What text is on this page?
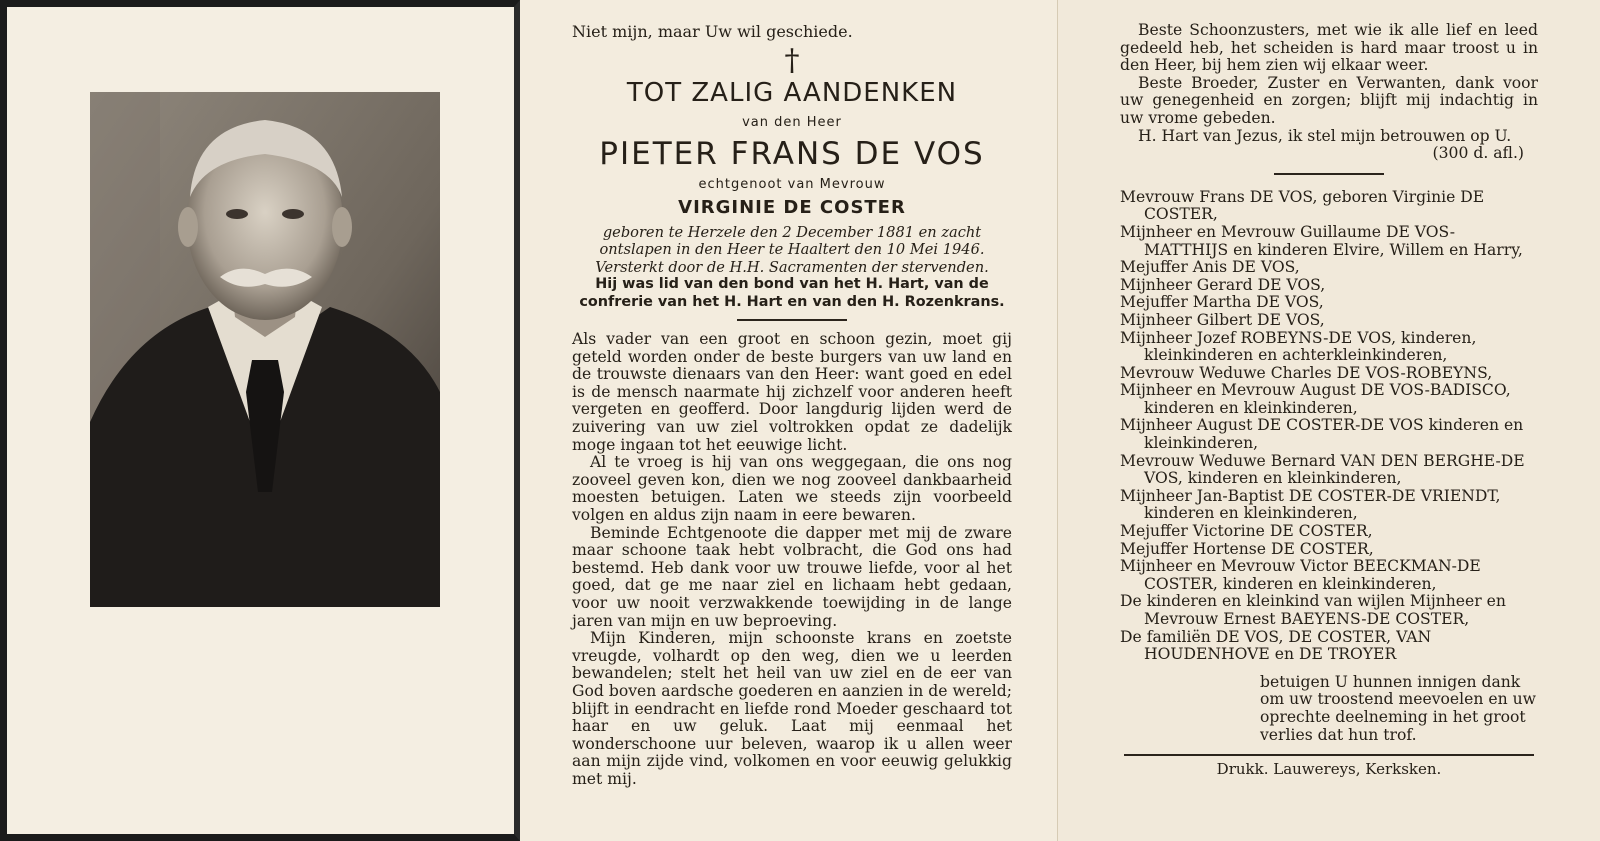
Niet mijn, maar Uw wil geschiede.
†
TOT ZALIG AANDENKEN
van den Heer
PIETER FRANS DE VOS
echtgenoot van Mevrouw
VIRGINIE DE COSTER
geboren te Herzele den 2 December 1881 en zacht
ontslapen in den Heer te Haaltert den 10 Mei 1946.
Versterkt door de H.H. Sacramenten der stervenden.
Hij was lid van den bond van het H. Hart, van de
confrerie van het H. Hart en van den H. Rozenkrans.

Als vader van een groot en schoon gezin, moet gij geteld worden onder de beste burgers van uw land en de trouwste dienaars van den Heer: want goed en edel is de mensch naarmate hij zichzelf voor anderen heeft vergeten en geofferd. Door langdurig lijden werd de zuivering van uw ziel voltrokken opdat ze dadelijk moge ingaan tot het eeuwige licht.

Al te vroeg is hij van ons weggegaan, die ons nog zooveel geven kon, dien we nog zooveel dankbaarheid moesten betuigen. Laten we steeds zijn voorbeeld volgen en aldus zijn naam in eere bewaren.

Beminde Echtgenoote die dapper met mij de zware maar schoone taak hebt volbracht, die God ons had bestemd. Heb dank voor uw trouwe liefde, voor al het goed, dat ge me naar ziel en lichaam hebt gedaan, voor uw nooit verzwakkende toewijding in de lange jaren van mijn en uw beproeving.

Mijn Kinderen, mijn schoonste krans en zoetste vreugde, volhardt op den weg, dien we u leerden bewandelen; stelt het heil van uw ziel en de eer van God boven aardsche goederen en aanzien in de wereld; blijft in eendracht en liefde rond Moeder geschaard tot haar en uw geluk. Laat mij eenmaal het wonderschoone uur beleven, waarop ik u allen weer aan mijn zijde vind, volkomen en voor eeuwig gelukkig met mij.

Beste Schoonzusters, met wie ik alle lief en leed gedeeld heb, het scheiden is hard maar troost u in den Heer, bij hem zien wij elkaar weer.

Beste Broeder, Zuster en Verwanten, dank voor uw genegenheid en zorgen; blijft mij indachtig in uw vrome gebeden.

H. Hart van Jezus, ik stel mijn betrouwen op U.
(300 d. afl.)

Mevrouw Frans DE VOS, geboren Virginie DE COSTER,

Mijnheer en Mevrouw Guillaume DE VOS-MATTHIJS en kinderen Elvire, Willem en Harry,

Mejuffer Anis DE VOS,

Mijnheer Gerard DE VOS,

Mejuffer Martha DE VOS,

Mijnheer Gilbert DE VOS,

Mijnheer Jozef ROBEYNS-DE VOS, kinderen, kleinkinderen en achterkleinkinderen,

Mevrouw Weduwe Charles DE VOS-ROBEYNS,

Mijnheer en Mevrouw August DE VOS-BADISCO, kinderen en kleinkinderen,

Mijnheer August DE COSTER-DE VOS kinderen en kleinkinderen,

Mevrouw Weduwe Bernard VAN DEN BERGHE-DE VOS, kinderen en kleinkinderen,

Mijnheer Jan-Baptist DE COSTER-DE VRIENDT, kinderen en kleinkinderen,

Mejuffer Victorine DE COSTER,

Mejuffer Hortense DE COSTER,

Mijnheer en Mevrouw Victor BEECKMAN-DE COSTER, kinderen en kleinkinderen,

De kinderen en kleinkind van wijlen Mijnheer en Mevrouw Ernest BAEYENS-DE COSTER,

De familiën DE VOS, DE COSTER, VAN HOUDENHOVE en DE TROYER

betuigen U hunnen innigen dank
om uw troostend meevoelen en uw
oprechte deelneming in het groot
verlies dat hun trof.
Drukk. Lauwereys, Kerksken.
